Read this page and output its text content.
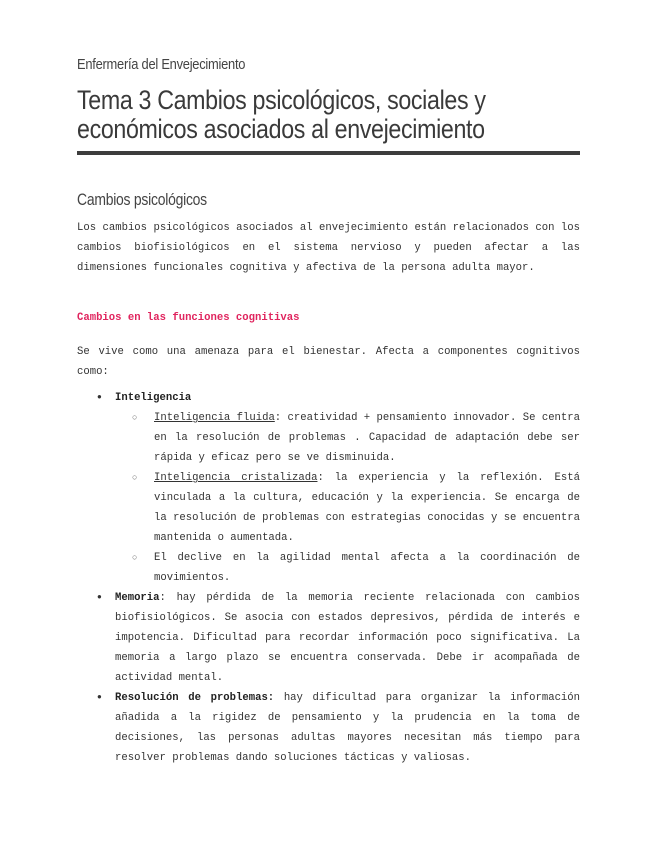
Enfermería del Envejecimiento
Tema 3 Cambios psicológicos, sociales y económicos asociados al envejecimiento
Cambios psicológicos
Los cambios psicológicos asociados al envejecimiento están relacionados con los cambios biofisiológicos en el sistema nervioso y pueden afectar a las dimensiones funcionales cognitiva y afectiva de la persona adulta mayor.
Cambios en las funciones cognitivas
Se vive como una amenaza para el bienestar. Afecta a componentes cognitivos como:
● Inteligencia
○ Inteligencia fluida: creatividad + pensamiento innovador. Se centra en la resolución de problemas . Capacidad de adaptación debe ser rápida y eficaz pero se ve disminuida.
○ Inteligencia cristalizada: la experiencia y la reflexión. Está vinculada a la cultura, educación y la experiencia. Se encarga de la resolución de problemas con estrategias conocidas y se encuentra mantenida o aumentada.
○ El declive en la agilidad mental afecta a la coordinación de movimientos.
● Memoria: hay pérdida de la memoria reciente relacionada con cambios biofisiológicos. Se asocia con estados depresivos, pérdida de interés e impotencia. Dificultad para recordar información poco significativa. La memoria a largo plazo se encuentra conservada. Debe ir acompañada de actividad mental.
● Resolución de problemas: hay dificultad para organizar la información añadida a la rigidez de pensamiento y la prudencia en la toma de decisiones, las personas adultas mayores necesitan más tiempo para resolver problemas dando soluciones tácticas y valiosas.
